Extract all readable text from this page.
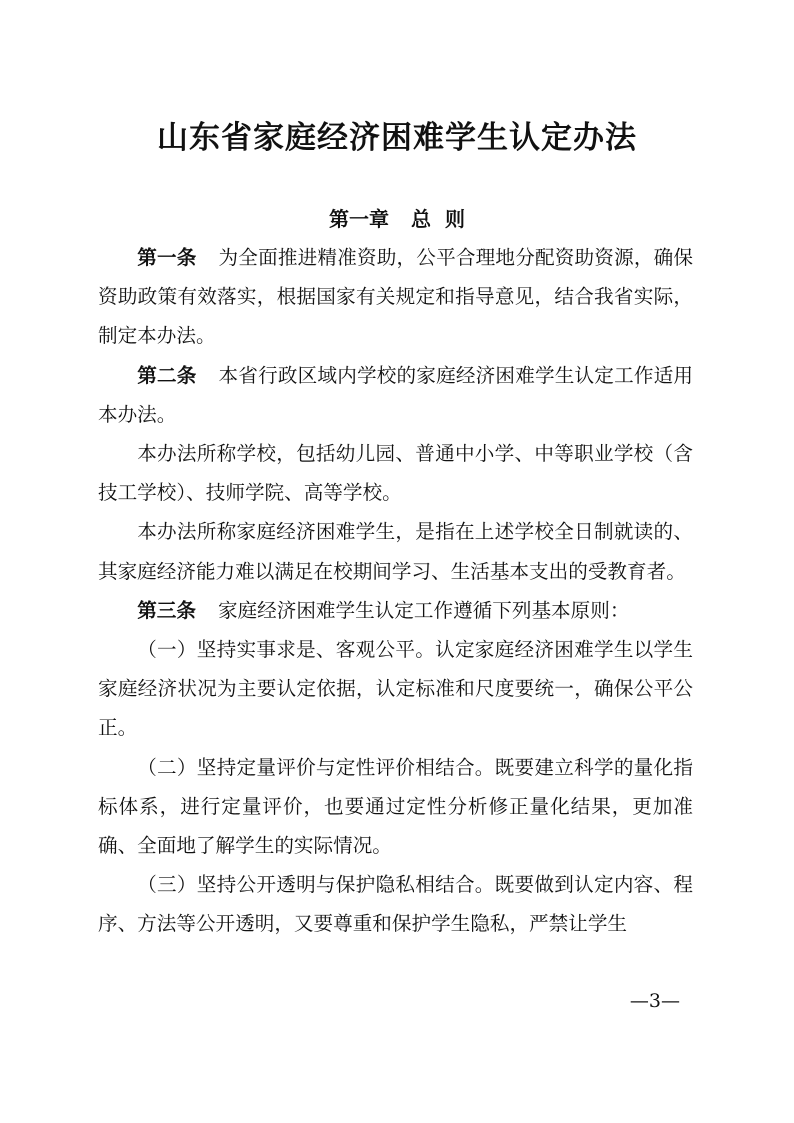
山东省家庭经济困难学生认定办法
第一章 总  则

第一条 为全面推进精准资助，公平合理地分配资助资源，确保资助政策有效落实，根据国家有关规定和指导意见，结合我省实际，制定本办法。

第二条 本省行政区域内学校的家庭经济困难学生认定工作适用本办法。

本办法所称学校，包括幼儿园、普通中小学、中等职业学校（含技工学校）、技师学院、高等学校。

本办法所称家庭经济困难学生，是指在上述学校全日制就读的、其家庭经济能力难以满足在校期间学习、生活基本支出的受教育者。

第三条 家庭经济困难学生认定工作遵循下列基本原则：

（一）坚持实事求是、客观公平。认定家庭经济困难学生以学生家庭经济状况为主要认定依据，认定标准和尺度要统一，确保公平公正。

（二）坚持定量评价与定性评价相结合。既要建立科学的量化指标体系，进行定量评价，也要通过定性分析修正量化结果，更加准确、全面地了解学生的实际情况。

（三）坚持公开透明与保护隐私相结合。既要做到认定内容、程序、方法等公开透明，又要尊重和保护学生隐私，严禁让学生

—3—
